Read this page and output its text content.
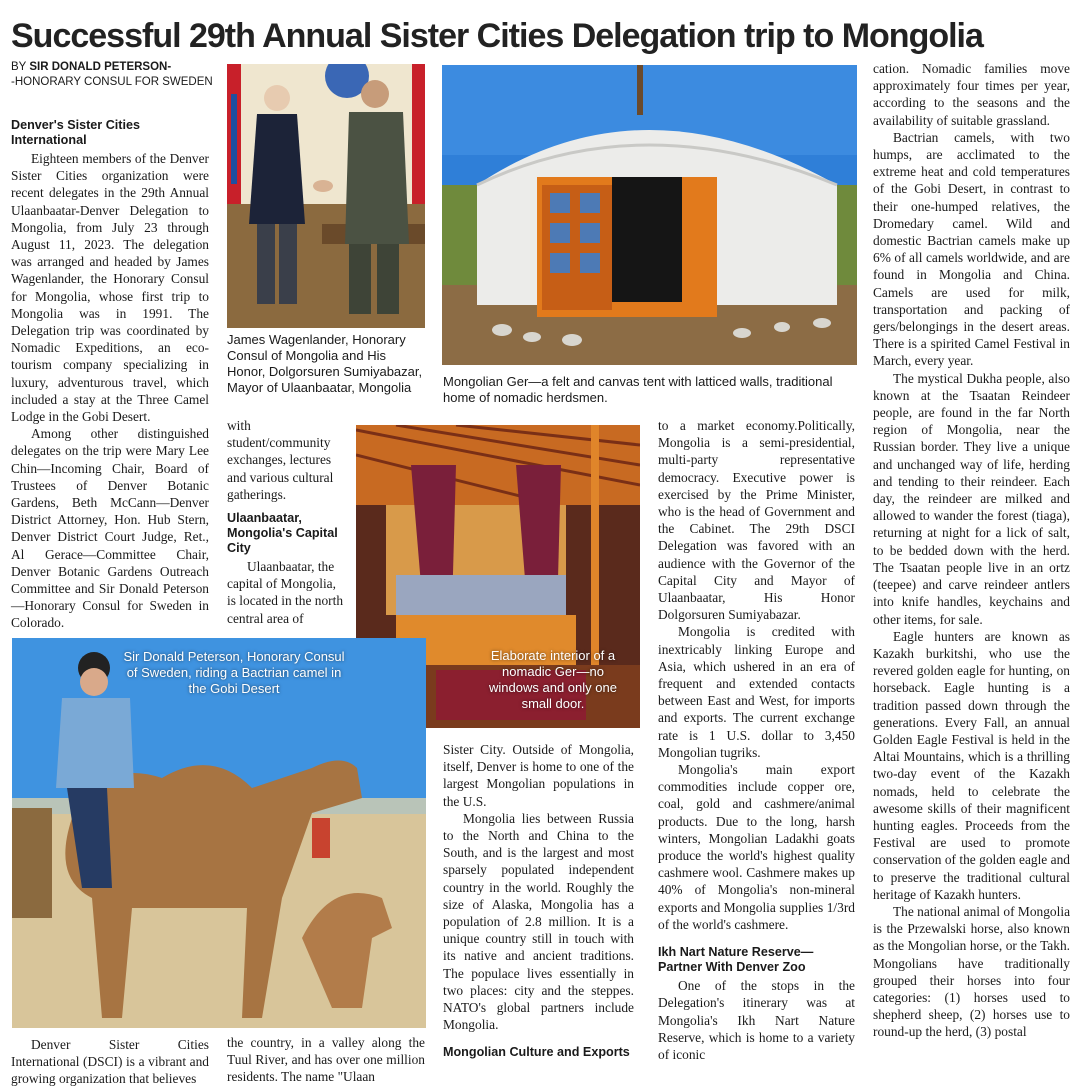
Successful 29th Annual Sister Cities Delegation trip to Mongolia
BY SIR DONALD PETERSON-
-HONORARY CONSUL FOR SWEDEN
Denver's Sister Cities International

Eighteen members of the Denver Sister Cities organization were recent delegates in the 29th Annual Ulaanbaatar-Denver Delegation to Mongolia, from July 23 through August 11, 2023. The delegation was arranged and headed by James Wagenlander, the Honorary Consul for Mongolia, whose first trip to Mongolia was in 1991. The Delegation trip was coordinated by Nomadic Expeditions, an eco-tourism company specializing in luxury, adventurous travel, which included a stay at the Three Camel Lodge in the Gobi Desert.

Among other distinguished delegates on the trip were Mary Lee Chin—Incoming Chair, Board of Trustees of Denver Botanic Gardens, Beth McCann—Denver District Attorney, Hon. Hub Stern, Denver District Court Judge, Ret., Al Gerace—Committee Chair, Denver Botanic Gardens Outreach Committee and Sir Donald Peterson—Honorary Consul for Sweden in Colorado.

Denver Sister Cities International (DSCI) is a vibrant and growing organization that believes

James Wagenlander, Honorary Consul of Mongolia and His Honor, Dolgorsuren Sumiyabazar, Mayor of Ulaanbaatar, Mongolia

with student/community exchanges, lectures and various cultural gatherings.

Ulaanbaatar, Mongolia's Capital City

Ulaanbaatar, the capital of Mongolia, is located in the north central area of

the country, in a valley along the Tuul River, and has over one million residents. The name "Ulaan

Mongolian Ger—a felt and canvas tent with latticed walls, traditional home of nomadic herdsmen.
Elaborate interior of a nomadic Ger—no windows and only one small door.
Sir Donald Peterson, Honorary Consul of Sweden, riding a Bactrian camel in the Gobi Desert

Sister City. Outside of Mongolia, itself, Denver is home to one of the largest Mongolian populations in the U.S.

Mongolia lies between Russia to the North and China to the South, and is the largest and most sparsely populated independent country in the world. Roughly the size of Alaska, Mongolia has a population of 2.8 million. It is a unique country still in touch with its native and ancient traditions. The populace lives essentially in two places: city and the steppes. NATO's global partners include Mongolia.

Mongolian Culture and Exports

to a market economy.Politically, Mongolia is a semi-presidential, multi-party representative democracy. Executive power is exercised by the Prime Minister, who is the head of Government and the Cabinet. The 29th DSCI Delegation was favored with an audience with the Governor of the Capital City and Mayor of Ulaanbaatar, His Honor Dolgorsuren Sumiyabazar.

Mongolia is credited with inextricably linking Europe and Asia, which ushered in an era of frequent and extended contacts between East and West, for imports and exports. The current exchange rate is 1 U.S. dollar to 3,450 Mongolian tugriks.

Mongolia's main export commodities include copper ore, coal, gold and cashmere/animal products. Due to the long, harsh winters, Mongolian Ladakhi goats produce the world's highest quality cashmere wool. Cashmere makes up 40% of Mongolia's non-mineral exports and Mongolia supplies 1/3rd of the world's cashmere.

Ikh Nart Nature Reserve—Partner With Denver Zoo

One of the stops in the Delegation's itinerary was at Mongolia's Ikh Nart Nature Reserve, which is home to a variety of iconic

cation. Nomadic families move approximately four times per year, according to the seasons and the availability of suitable grassland.

Bactrian camels, with two humps, are acclimated to the extreme heat and cold temperatures of the Gobi Desert, in contrast to their one-humped relatives, the Dromedary camel. Wild and domestic Bactrian camels make up 6% of all camels worldwide, and are found in Mongolia and China. Camels are used for milk, transportation and packing of gers/belongings in the desert areas. There is a spirited Camel Festival in March, every year.

The mystical Dukha people, also known at the Tsaatan Reindeer people, are found in the far North region of Mongolia, near the Russian border. They live a unique and unchanged way of life, herding and tending to their reindeer. Each day, the reindeer are milked and allowed to wander the forest (tiaga), returning at night for a lick of salt, to be bedded down with the herd. The Tsaatan people live in an ortz (teepee) and carve reindeer antlers into knife handles, keychains and other items, for sale.

Eagle hunters are known as Kazakh burkitshi, who use the revered golden eagle for hunting, on horseback. Eagle hunting is a tradition passed down through the generations. Every Fall, an annual Golden Eagle Festival is held in the Altai Mountains, which is a thrilling two-day event of the Kazakh nomads, held to celebrate the awesome skills of their magnificent hunting eagles. Proceeds from the Festival are used to promote conservation of the golden eagle and to preserve the traditional cultural heritage of Kazakh hunters.

The national animal of Mongolia is the Przewalski horse, also known as the Mongolian horse, or the Takh. Mongolians have traditionally grouped their horses into four categories: (1) horses used to shepherd sheep, (2) horses use to round-up the herd, (3) postal
